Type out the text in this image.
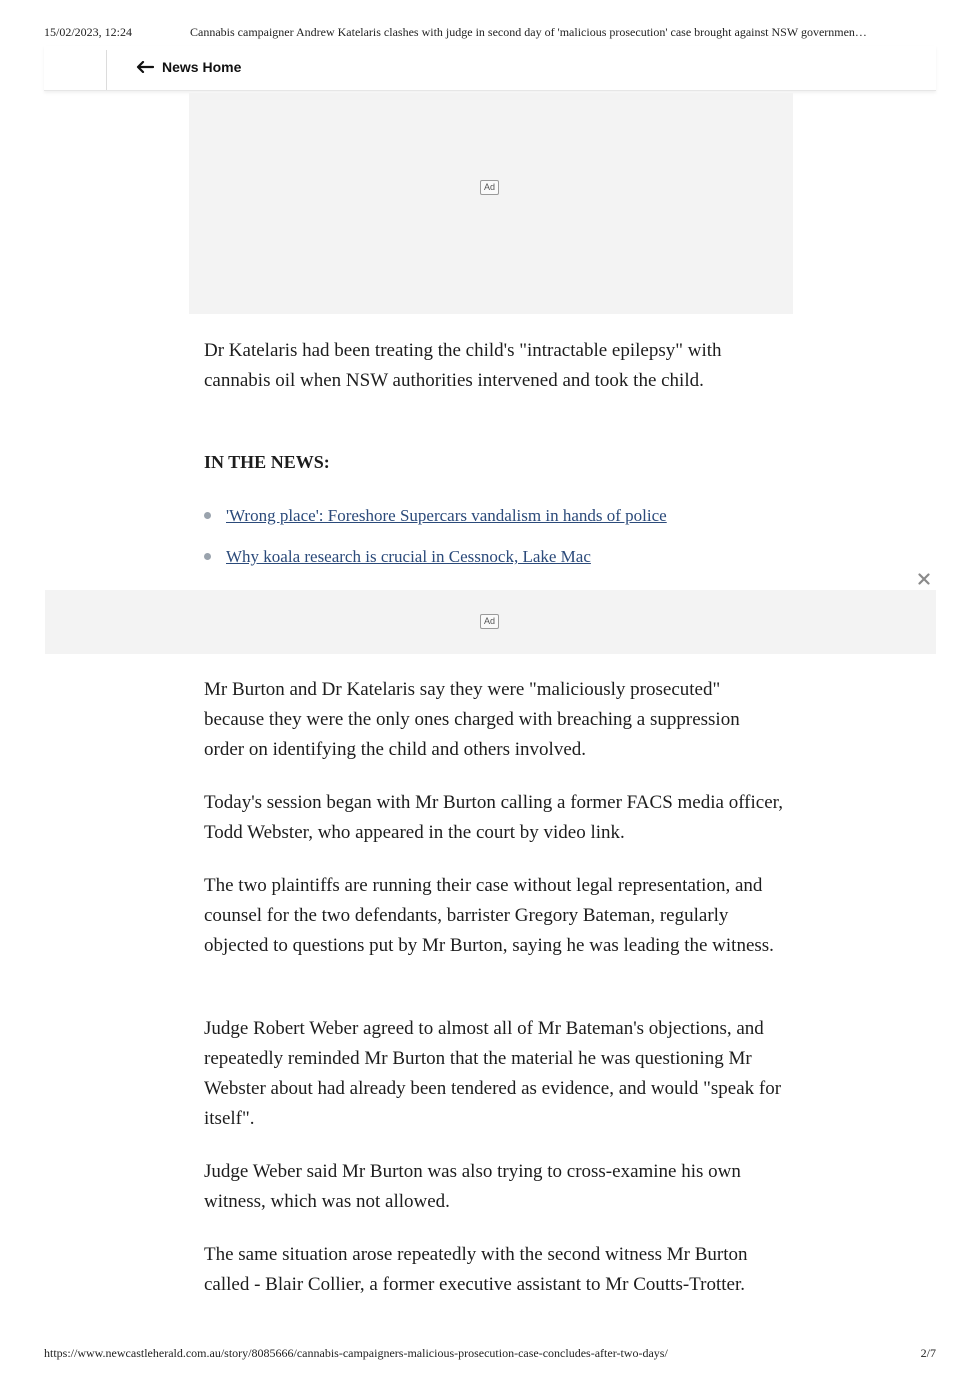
15/02/2023, 12:24	Cannabis campaigner Andrew Katelaris clashes with judge in second day of 'malicious prosecution' case brought against NSW governmen…
News Home
Ad

Dr Katelaris had been treating the child's "intractable epilepsy" with cannabis oil when NSW authorities intervened and took the child.

IN THE NEWS:

'Wrong place': Foreshore Supercars vandalism in hands of police
Why koala research is crucial in Cessnock, Lake Mac
Ad

Mr Burton and Dr Katelaris say they were "maliciously prosecuted" because they were the only ones charged with breaching a suppression order on identifying the child and others involved.

Today's session began with Mr Burton calling a former FACS media officer, Todd Webster, who appeared in the court by video link.

The two plaintiffs are running their case without legal representation, and counsel for the two defendants, barrister Gregory Bateman, regularly objected to questions put by Mr Burton, saying he was leading the witness.

Judge Robert Weber agreed to almost all of Mr Bateman's objections, and repeatedly reminded Mr Burton that the material he was questioning Mr Webster about had already been tendered as evidence, and would "speak for itself".

Judge Weber said Mr Burton was also trying to cross-examine his own witness, which was not allowed.

The same situation arose repeatedly with the second witness Mr Burton called - Blair Collier, a former executive assistant to Mr Coutts-Trotter.

https://www.newcastleherald.com.au/story/8085666/cannabis-campaigners-malicious-prosecution-case-concludes-after-two-days/	2/7
